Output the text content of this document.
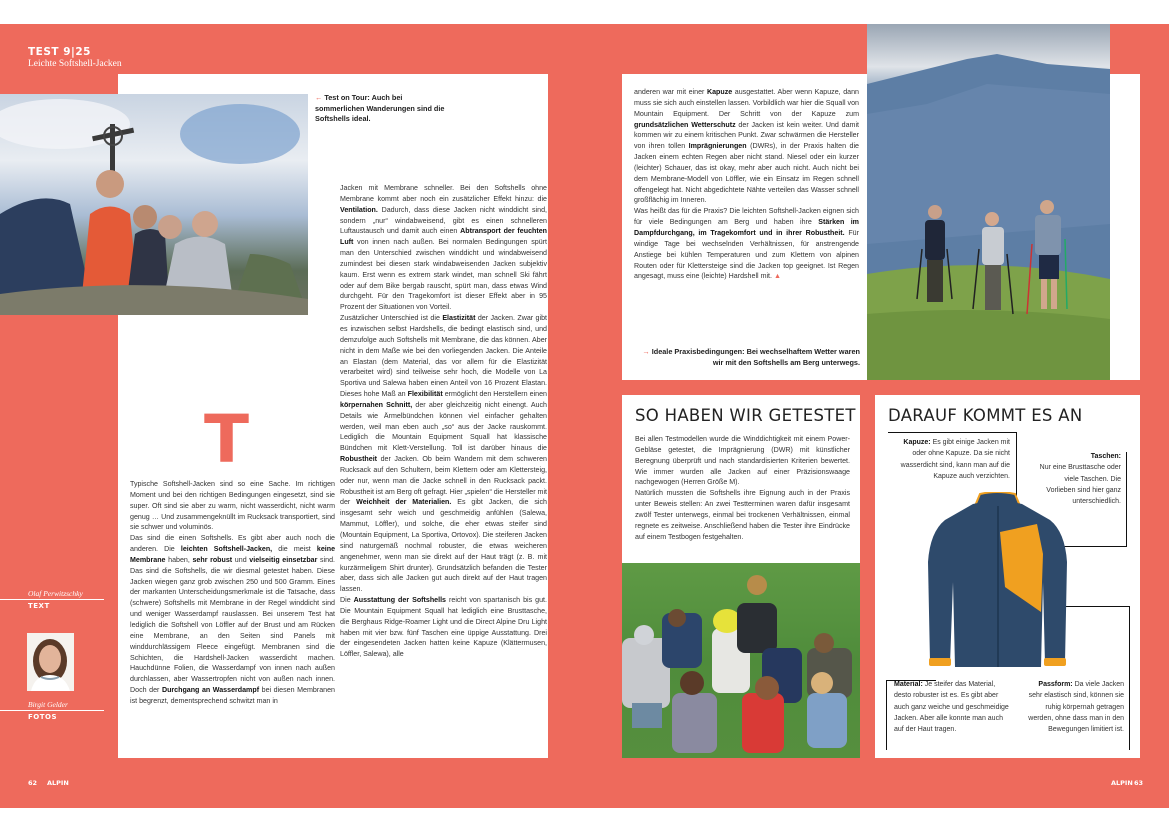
TEST 9|25
Leichte Softshell-Jacken
← Test on Tour: Auch bei sommerlichen Wanderungen sind die Softshells ideal.
T

Typische Softshell-Jacken sind so eine Sache. Im richtigen Moment und bei den richtigen Bedingungen eingesetzt, sind sie super. Oft sind sie aber zu warm, nicht wasserdicht, nicht warm genug … Und zusammengeknüllt im Rucksack transportiert, sind sie schwer und voluminös.

Das sind die einen Softshells. Es gibt aber auch noch die anderen. Die leichten Softshell-Jacken, die meist keine Membrane haben, sehr robust und vielseitig einsetzbar sind. Das sind die Softshells, die wir diesmal getestet haben. Diese Jacken wiegen ganz grob zwischen 250 und 500 Gramm. Eines der markanten Unterscheidungsmerkmale ist die Tatsache, dass (schwere) Softshells mit Membrane in der Regel winddicht sind und weniger Wasserdampf rauslassen. Bei unserem Test hat lediglich die Softshell von Löffler auf der Brust und am Rücken eine Membrane, an den Seiten sind Panels mit winddurchlässigem Fleece eingefügt. Membranen sind die Schichten, die Hardshell-Jacken wasserdicht machen. Hauchdünne Folien, die Wasserdampf von innen nach außen durchlassen, aber Wassertropfen nicht von außen nach innen. Doch der Durchgang an Wasserdampf bei diesen Membranen ist begrenzt, dementsprechend schwitzt man in

Jacken mit Membrane schneller. Bei den Softshells ohne Membrane kommt aber noch ein zusätzlicher Effekt hinzu: die Ventilation. Dadurch, dass diese Jacken nicht winddicht sind, sondern „nur“ windabweisend, gibt es einen schnelleren Luftaustausch und damit auch einen Abtransport der feuchten Luft von innen nach außen. Bei normalen Bedingungen spürt man den Unterschied zwischen winddicht und windabweisend zumindest bei diesen stark windabweisenden Jacken subjektiv kaum. Erst wenn es extrem stark windet, man schnell Ski fährt oder auf dem Bike bergab rauscht, spürt man, dass etwas Wind durchgeht. Für den Tragekomfort ist dieser Effekt aber in 95 Prozent der Situationen von Vorteil.

Zusätzlicher Unterschied ist die Elastizität der Jacken. Zwar gibt es inzwischen selbst Hardshells, die bedingt elastisch sind, und demzufolge auch Softshells mit Membrane, die das können. Aber nicht in dem Maße wie bei den vorliegenden Jacken. Die Anteile an Elastan (dem Material, das vor allem für die Elastizität verarbeitet wird) sind teilweise sehr hoch, die Modelle von La Sportiva und Salewa haben einen Anteil von 16 Prozent Elastan. Dieses hohe Maß an Flexibilität ermöglicht den Herstellern einen körpernahen Schnitt, der aber gleichzeitig nicht einengt. Auch Details wie Ärmelbündchen können viel einfacher gehalten werden, weil man eben auch „so“ aus der Jacke rauskommt. Lediglich die Mountain Equipment Squall hat klassische Bündchen mit Klett-Verstellung. Toll ist darüber hinaus die Robustheit der Jacken. Ob beim Wandern mit dem schweren Rucksack auf den Schultern, beim Klettern oder am Klettersteig, oder nur, wenn man die Jacke schnell in den Rucksack packt. Robustheit ist am Berg oft gefragt. Hier „spielen“ die Hersteller mit der Weichheit der Materialien. Es gibt Jacken, die sich insgesamt sehr weich und geschmeidig anfühlen (Salewa, Mammut, Löffler), und solche, die eher etwas steifer sind (Mountain Equipment, La Sportiva, Ortovox). Die steiferen Jacken sind naturgemäß nochmal robuster, die etwas weicheren angenehmer, wenn man sie direkt auf der Haut trägt (z. B. mit kurzärmeligem Shirt drunter). Grundsätzlich befanden die Tester aber, dass sich alle Jacken gut auch direkt auf der Haut tragen lassen.

Die Ausstattung der Softshells reicht von spartanisch bis gut. Die Mountain Equipment Squall hat lediglich eine Brusttasche, die Berghaus Ridge-Roamer Light und die Direct Alpine Dru Light haben mit vier bzw. fünf Taschen eine üppige Ausstattung. Drei der eingesendeten Jacken hatten keine Kapuze (Klättermusen, Löffler, Salewa), alle

Olaf Perwitzschky
TEXT
Birgit Gelder
FOTOS

anderen war mit einer Kapuze ausgestattet. Aber wenn Kapuze, dann muss sie sich auch einstellen lassen. Vorbildlich war hier die Squall von Mountain Equipment. Der Schritt von der Kapuze zum grundsätzlichen Wetterschutz der Jacken ist kein weiter. Und damit kommen wir zu einem kritischen Punkt. Zwar schwärmen die Hersteller von ihren tollen Imprägnierungen (DWRs), in der Praxis halten die Jacken einem echten Regen aber nicht stand. Niesel oder ein kurzer (leichter) Schauer, das ist okay, mehr aber auch nicht. Auch nicht bei dem Membrane-Modell von Löffler, wie ein Einsatz im Regen schnell offengelegt hat. Nicht abgedichtete Nähte verteilen das Wasser schnell großflächig im Inneren.

Was heißt das für die Praxis? Die leichten Softshell-Jacken eignen sich für viele Bedingungen am Berg und haben ihre Stärken im Dampfdurchgang, im Tragekomfort und in ihrer Robustheit. Für windige Tage bei wechselnden Verhältnissen, für anstrengende Anstiege bei kühlen Temperaturen und zum Klettern von alpinen Routen oder für Klettersteige sind die Jacken top geeignet. Ist Regen angesagt, muss eine (leichte) Hardshell mit. ▲

→ Ideale Praxisbedingungen: Bei wechselhaftem Wetter waren wir mit den Softshells am Berg unterwegs.
SO HABEN WIR GETESTET

Bei allen Testmodellen wurde die Winddichtigkeit mit einem Power-Gebläse getestet, die Imprägnierung (DWR) mit künstlicher Beregnung überprüft und nach standardisierten Kriterien bewertet. Wie immer wurden alle Jacken auf einer Präzisionswaage nachgewogen (Herren Größe M).

Natürlich mussten die Softshells ihre Eignung auch in der Praxis unter Beweis stellen: An zwei Testterminen waren dafür insgesamt zwölf Tester unterwegs, einmal bei trockenen Verhältnissen, einmal regnete es zeitweise. Anschließend haben die Tester ihre Eindrücke auf einem Testbogen festgehalten.

DARAUF KOMMT ES AN
Kapuze: Es gibt einige Jacken mit oder ohne Kapuze. Da sie nicht wasserdicht sind, kann man auf die Kapuze auch verzichten.
Taschen:
Nur eine Brusttasche oder viele Taschen. Die Vorlieben sind hier ganz unterschiedlich.
Material: Je steifer das Material, desto robuster ist es. Es gibt aber auch ganz weiche und geschmeidige Jacken. Aber alle konnte man auch auf der Haut tragen.
Passform: Da viele Jacken sehr elastisch sind, können sie ruhig körpernah getragen werden, ohne dass man in den Bewegungen limitiert ist.
62 ALPIN	ALPIN 63
